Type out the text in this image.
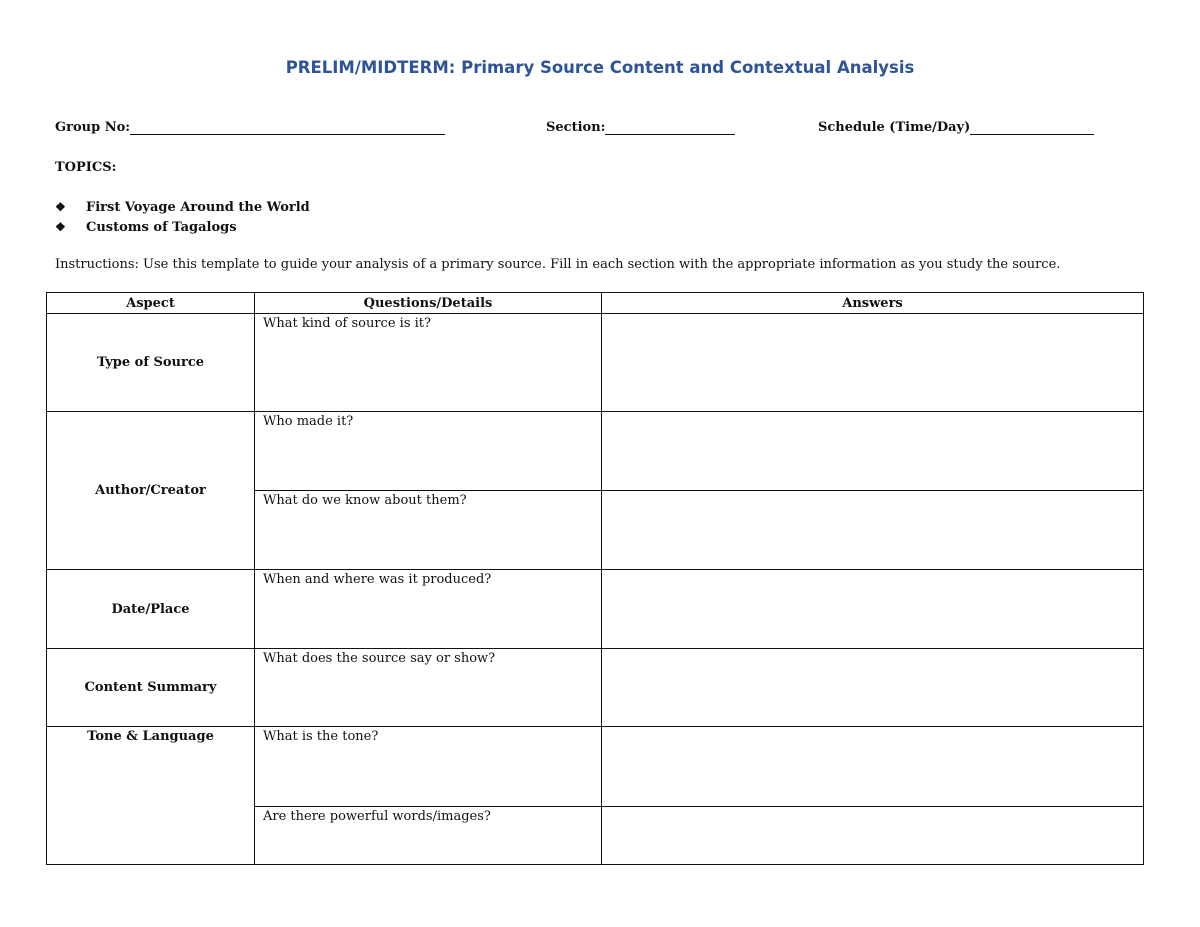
PRELIM/MIDTERM: Primary Source Content and Contextual Analysis
Group No:	Section:	Schedule (Time/Day)
TOPICS:
❖	First Voyage Around the World
❖	Customs of Tagalogs
Instructions: Use this template to guide your analysis of a primary source. Fill in each section with the appropriate information as you study the source.
Aspect	Questions/Details	Answers
Type of Source	What kind of source is it?	
Author/Creator	Who made it?	
	What do we know about them?	
Date/Place	When and where was it produced?	
Content Summary	What does the source say or show?	
Tone & Language	What is the tone?	
	Are there powerful words/images?	
